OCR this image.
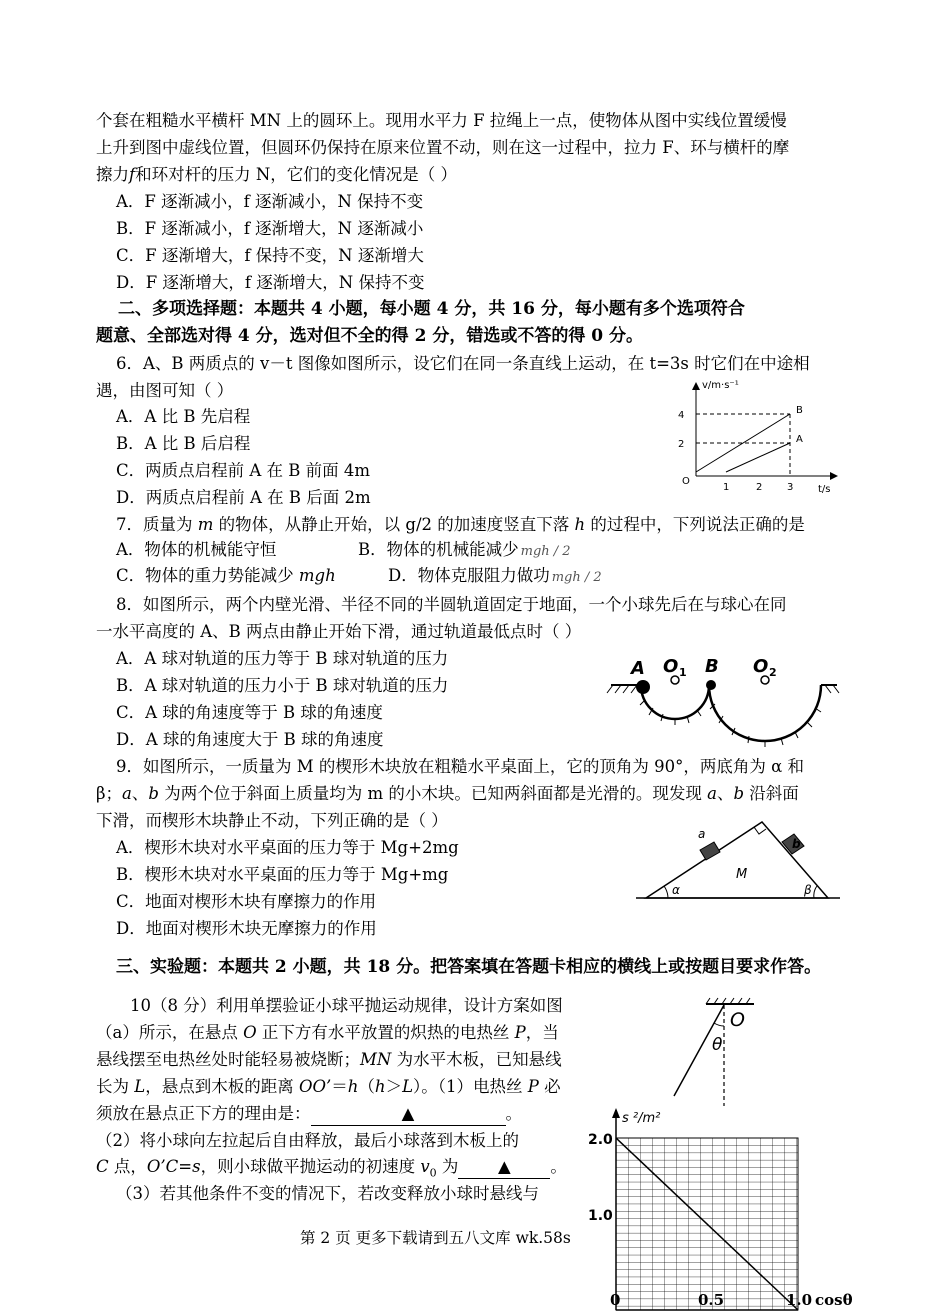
个套在粗糙水平横杆 MN 上的圆环上。现用水平力 F 拉绳上一点，使物体从图中实线位置缓慢
上升到图中虚线位置，但圆环仍保持在原来位置不动，则在这一过程中，拉力 F、环与横杆的摩
擦力f和环对杆的压力 N，它们的变化情况是（ ）
A．F 逐渐减小，f 逐渐减小，N 保持不变
B．F 逐渐减小，f 逐渐增大，N 逐渐减小
C．F 逐渐增大，f 保持不变，N 逐渐增大
D．F 逐渐增大，f 逐渐增大，N 保持不变
二、多项选择题：本题共 4 小题，每小题 4 分，共 16 分，每小题有多个选项符合
题意、全部选对得 4 分，选对但不全的得 2 分，错选或不答的得 0 分。
6．A、B 两质点的 v－t 图像如图所示，设它们在同一条直线上运动，在 t=3s 时它们在中途相
遇，由图可知（ ）
A．A 比 B 先启程
B．A 比 B 后启程
C．两质点启程前 A 在 B 前面 4m
D．两质点启程前 A 在 B 后面 2m
v/m·s⁻¹
4
2
O
1	2 3 t/s
B
A
7．质量为 m 的物体，从静止开始，以 g/2 的加速度竖直下落 h 的过程中，下列说法正确的是
A．物体的机械能守恒	B．物体的机械能减少 mgh / 2
C．物体的重力势能减少 mgh	D．物体克服阻力做功 mgh / 2
8．如图所示，两个内壁光滑、半径不同的半圆轨道固定于地面，一个小球先后在与球心在同
一水平高度的 A、B 两点由静止开始下滑，通过轨道最低点时（ ）
A．A 球对轨道的压力等于 B 球对轨道的压力
B．A 球对轨道的压力小于 B 球对轨道的压力
C．A 球的角速度等于 B 球的角速度
D．A 球的角速度大于 B 球的角速度
A O 1 B O 2
9．如图所示，一质量为 M 的楔形木块放在粗糙水平桌面上，它的顶角为 90°，两底角为 α 和
β；a、b 为两个位于斜面上质量均为 m 的小木块。已知两斜面都是光滑的。现发现 a、b 沿斜面
下滑，而楔形木块静止不动，下列正确的是（ ）
A．楔形木块对水平桌面的压力等于 Mg+2mg
B．楔形木块对水平桌面的压力等于 Mg+mg
C．地面对楔形木块有摩擦力的作用
D．地面对楔形木块无摩擦力的作用
a
b
M
α	β
三、实验题：本题共 2 小题，共 18 分。把答案填在答题卡相应的横线上或按题目要求作答。
10（8 分）利用单摆验证小球平抛运动规律，设计方案如图
（a）所示，在悬点 O 正下方有水平放置的炽热的电热丝 P，当
悬线摆至电热丝处时能轻易被烧断；MN 为水平木板，已知悬线
长为 L，悬点到木板的距离 OO’＝h（h＞L）。（1）电热丝 P 必
须放在悬点正下方的理由是：	▲	。
（2）将小球向左拉起后自由释放，最后小球落到木板上的
C 点，O’C=s，则小球做平抛运动的初速度 $v_0$ 为 ▲ 。
（3）若其他条件不变的情况下，若改变释放小球时悬线与
O
θ
s ²/m²
2.0
1.0
0	0.5	1.0 cosθ
第 2 页 更多下载请到五八文库 wk.58s
